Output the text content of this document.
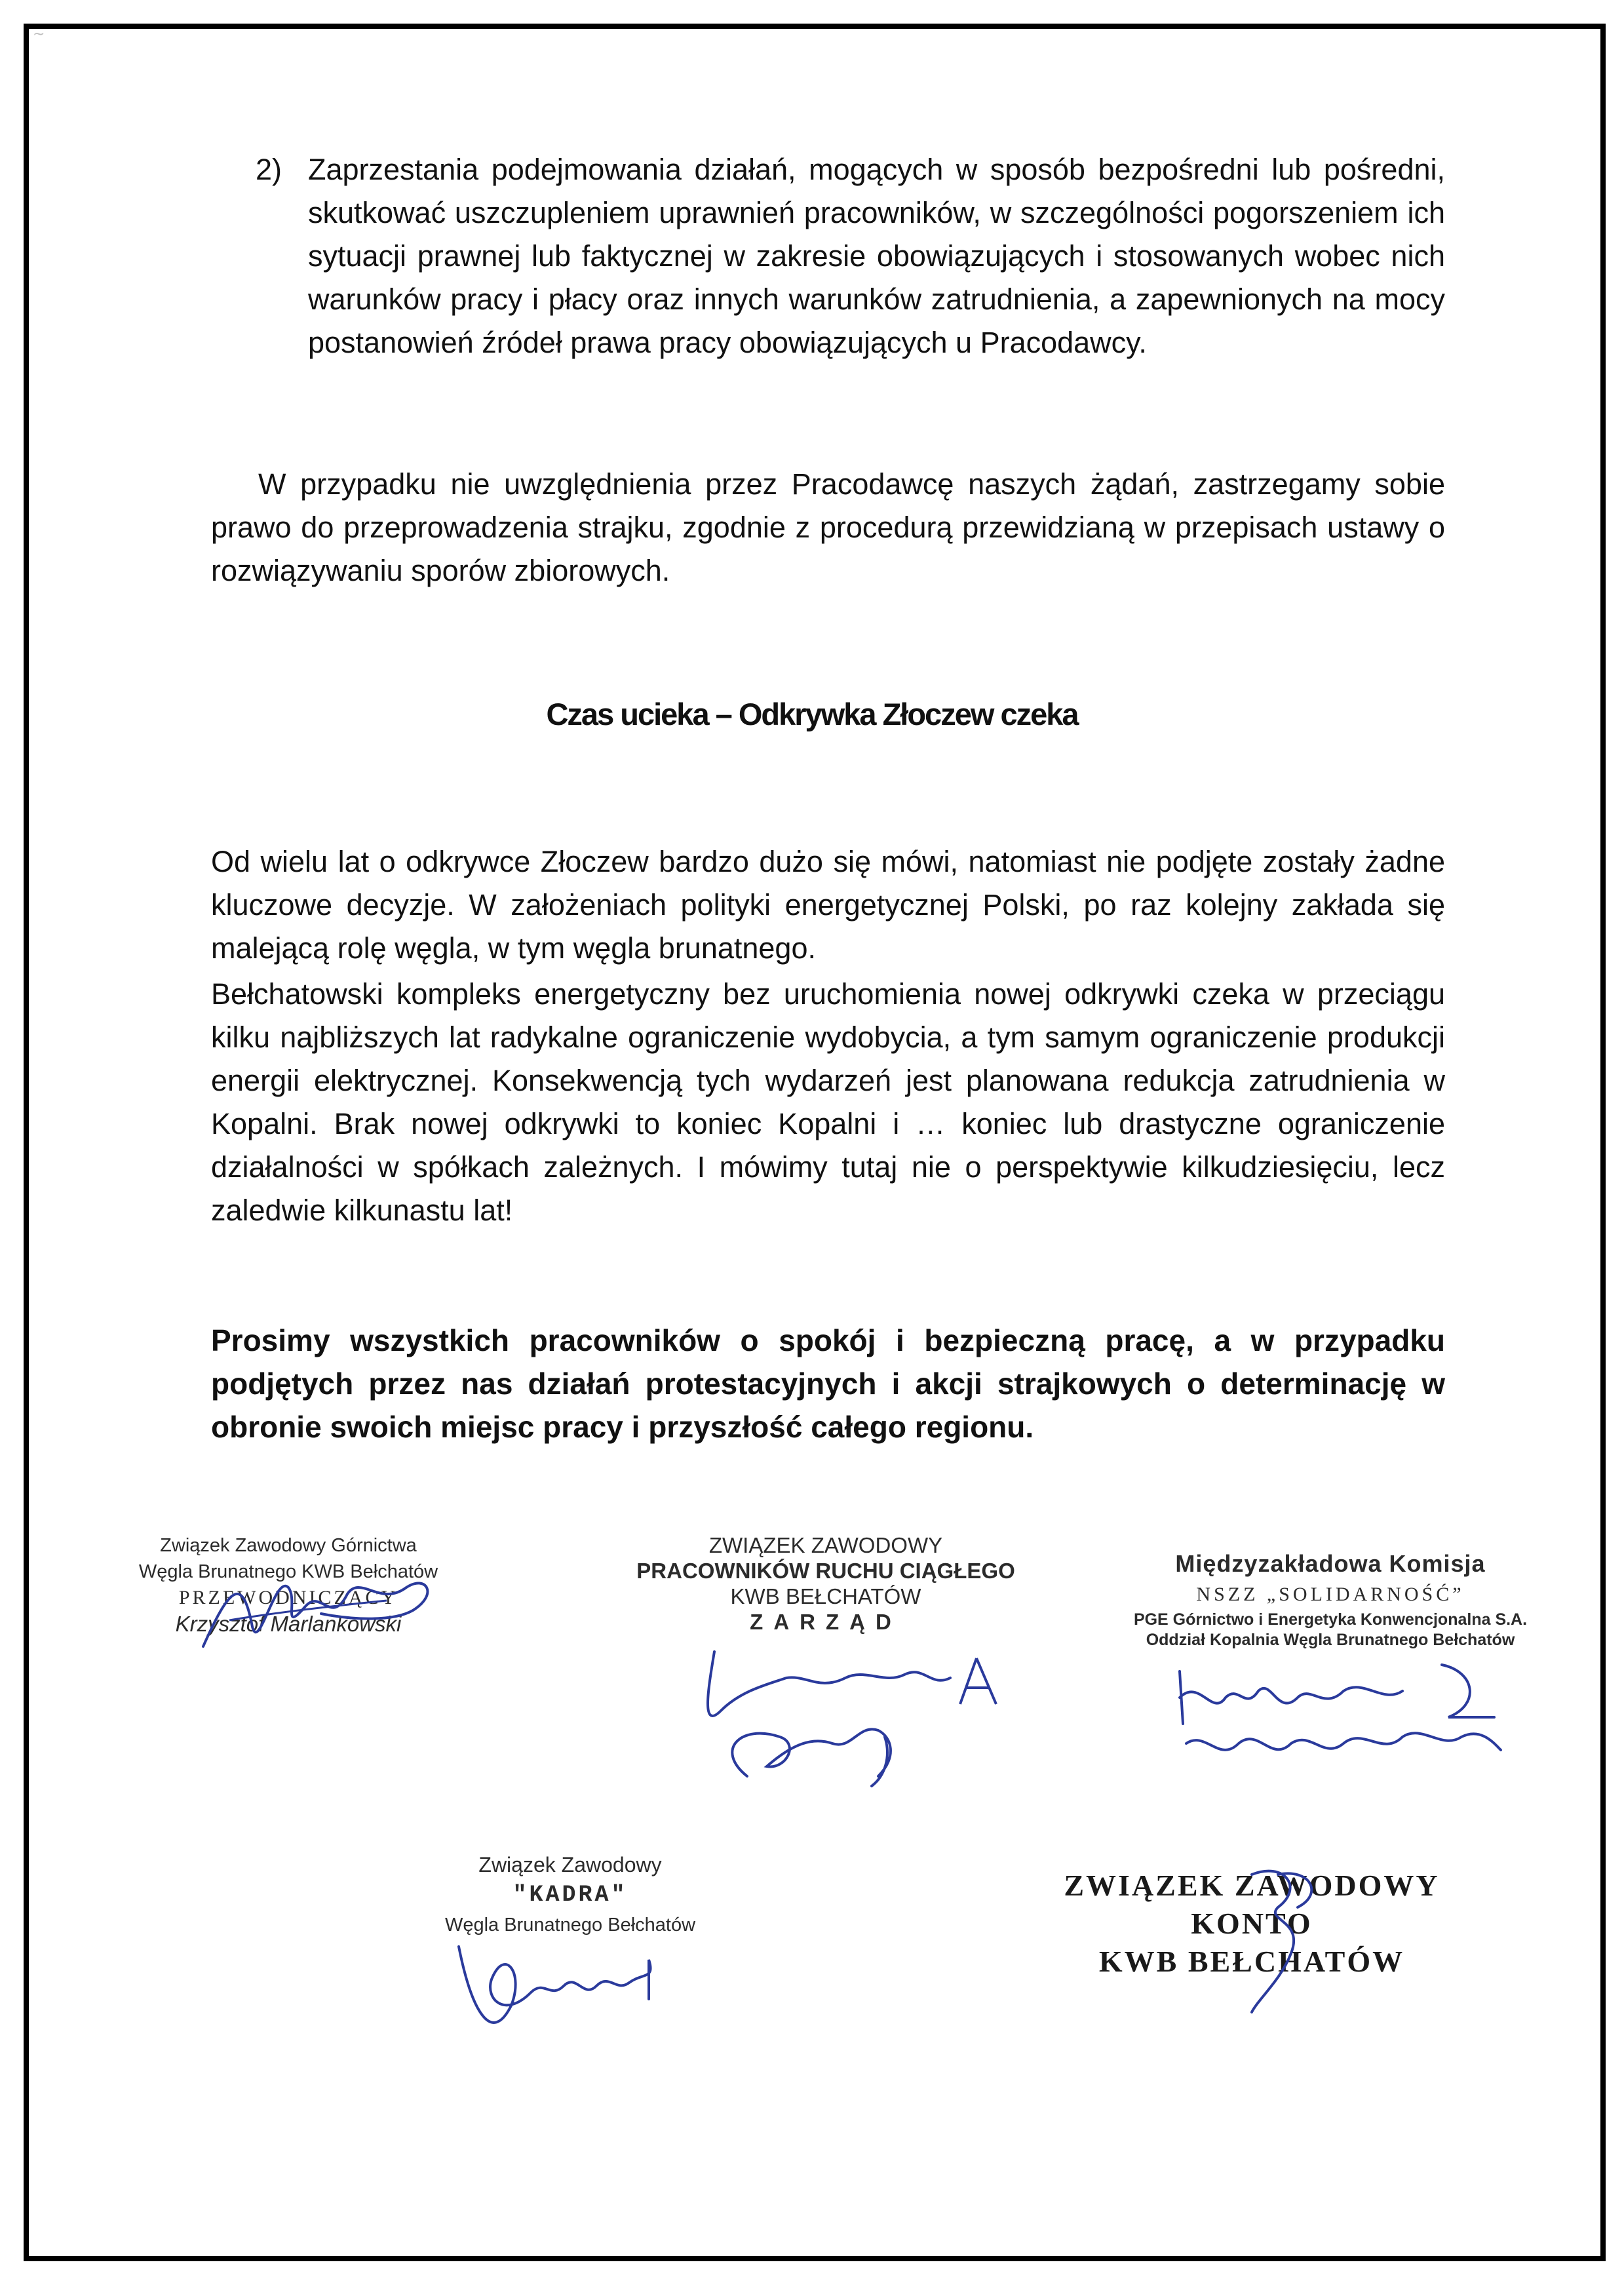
~
2) Zaprzestania podejmowania działań, mogących w sposób bezpośredni lub pośredni, skutkować uszczupleniem uprawnień pracowników, w szczególności pogorszeniem ich sytuacji prawnej lub faktycznej w zakresie obowiązujących i stosowanych wobec nich warunków pracy i płacy oraz innych warunków zatrudnienia, a zapewnionych na mocy postanowień źródeł prawa pracy obowiązujących u Pracodawcy.
W przypadku nie uwzględnienia przez Pracodawcę naszych żądań, zastrzegamy sobie prawo do przeprowadzenia strajku, zgodnie z procedurą przewidzianą w przepisach ustawy o rozwiązywaniu sporów zbiorowych.
Czas ucieka – Odkrywka Złoczew czeka
Od wielu lat o odkrywce Złoczew bardzo dużo się mówi, natomiast nie podjęte zostały żadne kluczowe decyzje. W założeniach polityki energetycznej Polski, po raz kolejny zakłada się malejącą rolę węgla, w tym węgla brunatnego.
Bełchatowski kompleks energetyczny bez uruchomienia nowej odkrywki czeka w przeciągu kilku najbliższych lat radykalne ograniczenie wydobycia, a tym samym ograniczenie produkcji energii elektrycznej. Konsekwencją tych wydarzeń jest planowana redukcja zatrudnienia w Kopalni. Brak nowej odkrywki to koniec Kopalni i … koniec lub drastyczne ograniczenie działalności w spółkach zależnych. I mówimy tutaj nie o perspektywie kilkudziesięciu, lecz zaledwie kilkunastu lat!
Prosimy wszystkich pracowników o spokój i bezpieczną pracę, a w przypadku podjętych przez nas działań protestacyjnych i akcji strajkowych o determinację w obronie swoich miejsc pracy i przyszłość całego regionu.
Związek Zawodowy Górnictwa
Węgla Brunatnego KWB Bełchatów
PRZEWODNICZĄCY
Krzysztof Marlankowski
ZWIĄZEK ZAWODOWY
PRACOWNIKÓW RUCHU CIĄGŁEGO
KWB BEŁCHATÓW
ZARZĄD
Międzyzakładowa Komisja
NSZZ „SOLIDARNOŚĆ”
PGE Górnictwo i Energetyka Konwencjonalna S.A.
Oddział Kopalnia Węgla Brunatnego Bełchatów
Związek Zawodowy
"KADRA"
Węgla Brunatnego Bełchatów
ZWIĄZEK ZAWODOWY
KONTO
KWB BEŁCHATÓW
